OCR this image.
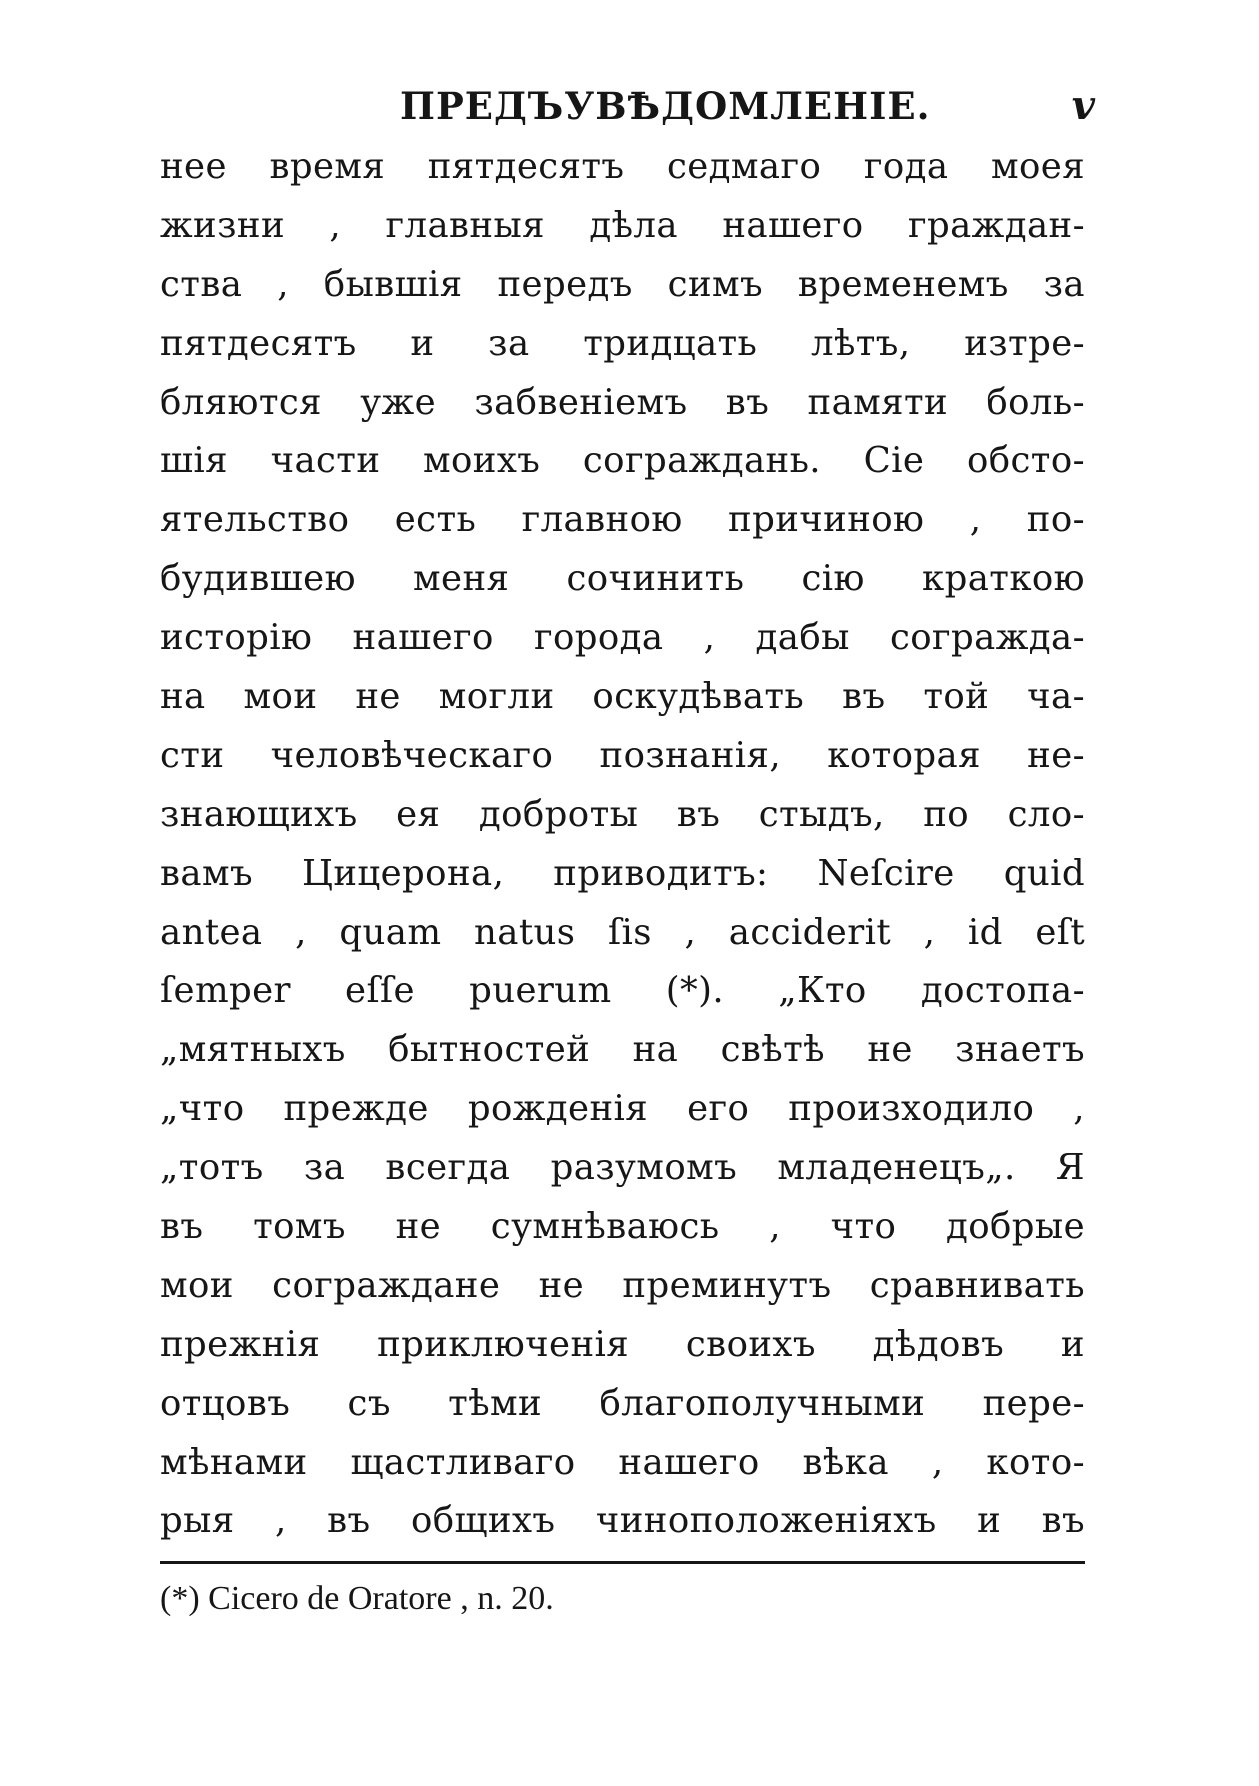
ПРЕДЪУВѢДОМЛЕНІЕ.	v
нее время пятдесятъ седмаго года моея
жизни , главныя дѣла нашего граждан-
ства , бывшія передъ симъ временемъ за
пятдесятъ и за тридцать лѣтъ, изтре-
бляются уже забвеніемъ въ памяти боль-
шія части моихъ сограждань. Сіе обсто-
ятельство есть главною причиною , по-
будившею меня сочинить сію краткою
исторію нашего города , дабы согражда-
на мои не могли оскудѣвать въ той ча-
сти человѣческаго познанія, которая не-
знающихъ ея доброты въ стыдъ, по сло-
вамъ Цицерона, приводитъ: Neſcire quid
antea , quam natus ſis , acciderit , id eſt
ſemper eſſe puerum (*). „Кто достопа-
„мятныхъ бытностей на свѣтѣ не знаетъ
„что прежде рожденія его произходило ,
„тотъ за всегда разумомъ младенецъ„. Я
въ томъ не сумнѣваюсь , что добрые
мои сограждане не преминутъ сравнивать
прежнія приключенія своихъ дѣдовъ и
отцовъ съ тѣми благополучными пере-
мѣнами щастливаго нашего вѣка , кото-
рыя , въ общихъ чиноположеніяхъ и въ
(*) Cicero de Oratore , n. 20.
